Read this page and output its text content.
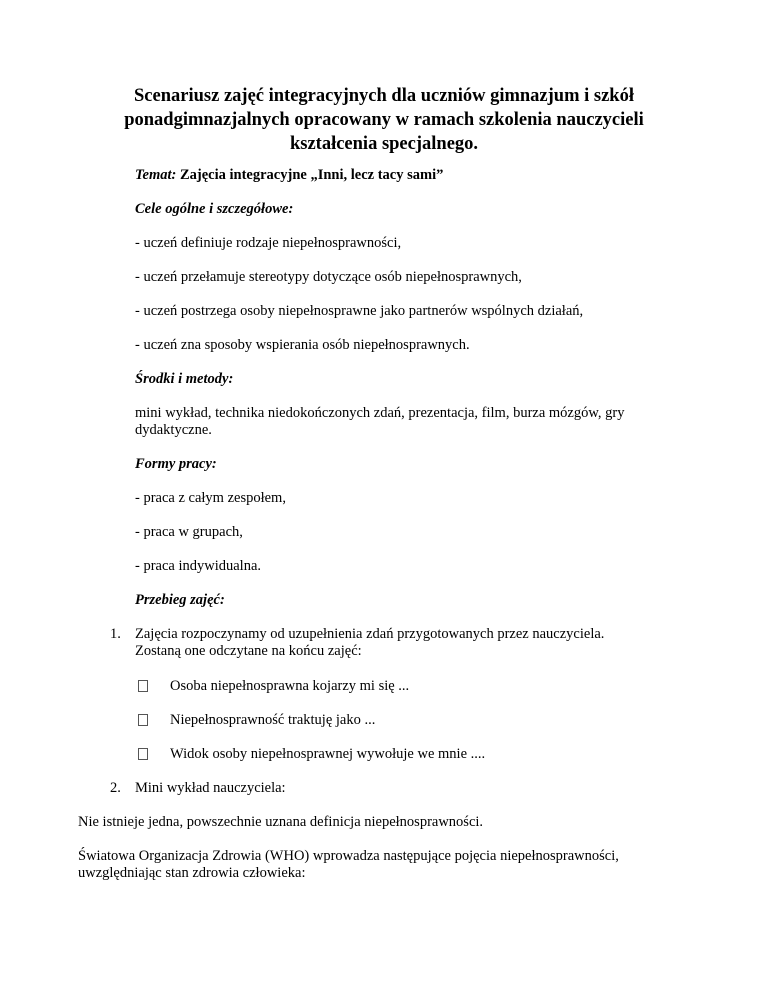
Scenariusz zajęć integracyjnych dla uczniów gimnazjum i szkół
ponadgimnazjalnych opracowany w ramach szkolenia nauczycieli
kształcenia specjalnego.
Temat: Zajęcia integracyjne „Inni, lecz tacy sami”
Cele ogólne i szczegółowe:
- uczeń definiuje rodzaje niepełnosprawności,
- uczeń przełamuje stereotypy dotyczące osób niepełnosprawnych,
- uczeń postrzega osoby niepełnosprawne jako partnerów wspólnych działań,
- uczeń zna sposoby wspierania osób niepełnosprawnych.
Środki i metody:
mini wykład, technika niedokończonych zdań, prezentacja, film, burza mózgów, gry
dydaktyczne.
Formy pracy:
- praca z całym zespołem,
- praca w grupach,
- praca indywidualna.
Przebieg zajęć:
1. Zajęcia rozpoczynamy od uzupełnienia zdań przygotowanych przez nauczyciela.
Zostaną one odczytane na końcu zajęć:
Osoba niepełnosprawna kojarzy mi się ...
Niepełnosprawność traktuję jako ...
Widok osoby niepełnosprawnej wywołuje we mnie ....
2. Mini wykład nauczyciela:
Nie istnieje jedna, powszechnie uznana definicja niepełnosprawności.
Światowa Organizacja Zdrowia (WHO) wprowadza następujące pojęcia niepełnosprawności,
uwzględniając stan zdrowia człowieka:
